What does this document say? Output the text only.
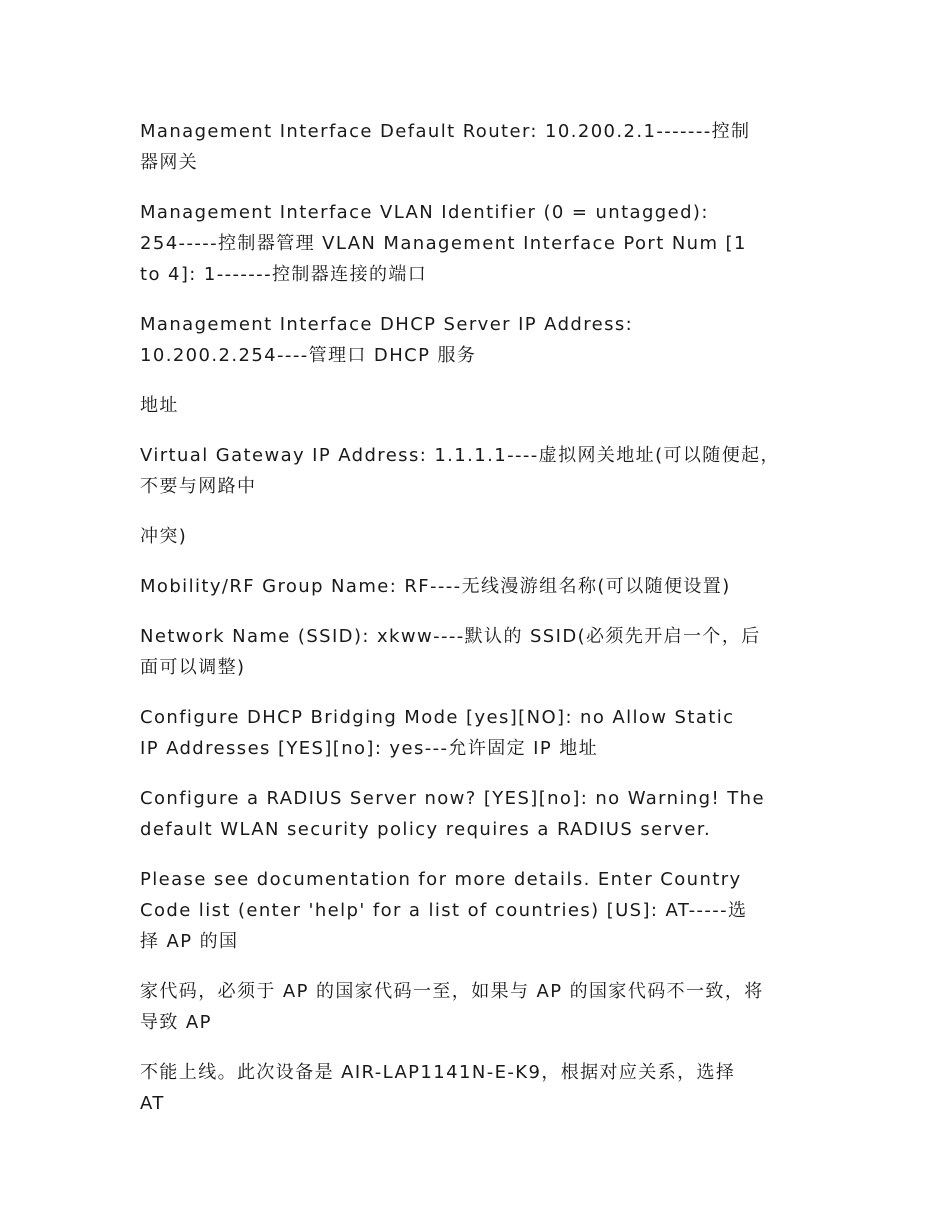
Management Interface Default Router: 10.200.2.1-------控制
器网关
Management Interface VLAN Identifier (0 = untagged):
254-----控制器管理 VLAN Management Interface Port Num [1
to 4]: 1-------控制器连接的端口
Management Interface DHCP Server IP Address:
10.200.2.254----管理口 DHCP 服务
地址
Virtual Gateway IP Address: 1.1.1.1----虚拟网关地址(可以随便起，
不要与网路中
冲突)
Mobility/RF Group Name: RF----无线漫游组名称(可以随便设置)
Network Name (SSID): xkww----默认的 SSID(必须先开启一个，后
面可以调整)
Configure DHCP Bridging Mode [yes][NO]: no Allow Static
IP Addresses [YES][no]: yes---允许固定 IP 地址
Configure a RADIUS Server now? [YES][no]: no Warning! The
default WLAN security policy requires a RADIUS server.
Please see documentation for more details. Enter Country
Code list (enter 'help' for a list of countries) [US]: AT-----选
择 AP 的国
家代码，必须于 AP 的国家代码一至，如果与 AP 的国家代码不一致，将
导致 AP
不能上线。此次设备是 AIR-LAP1141N-E-K9，根据对应关系，选择
AT
